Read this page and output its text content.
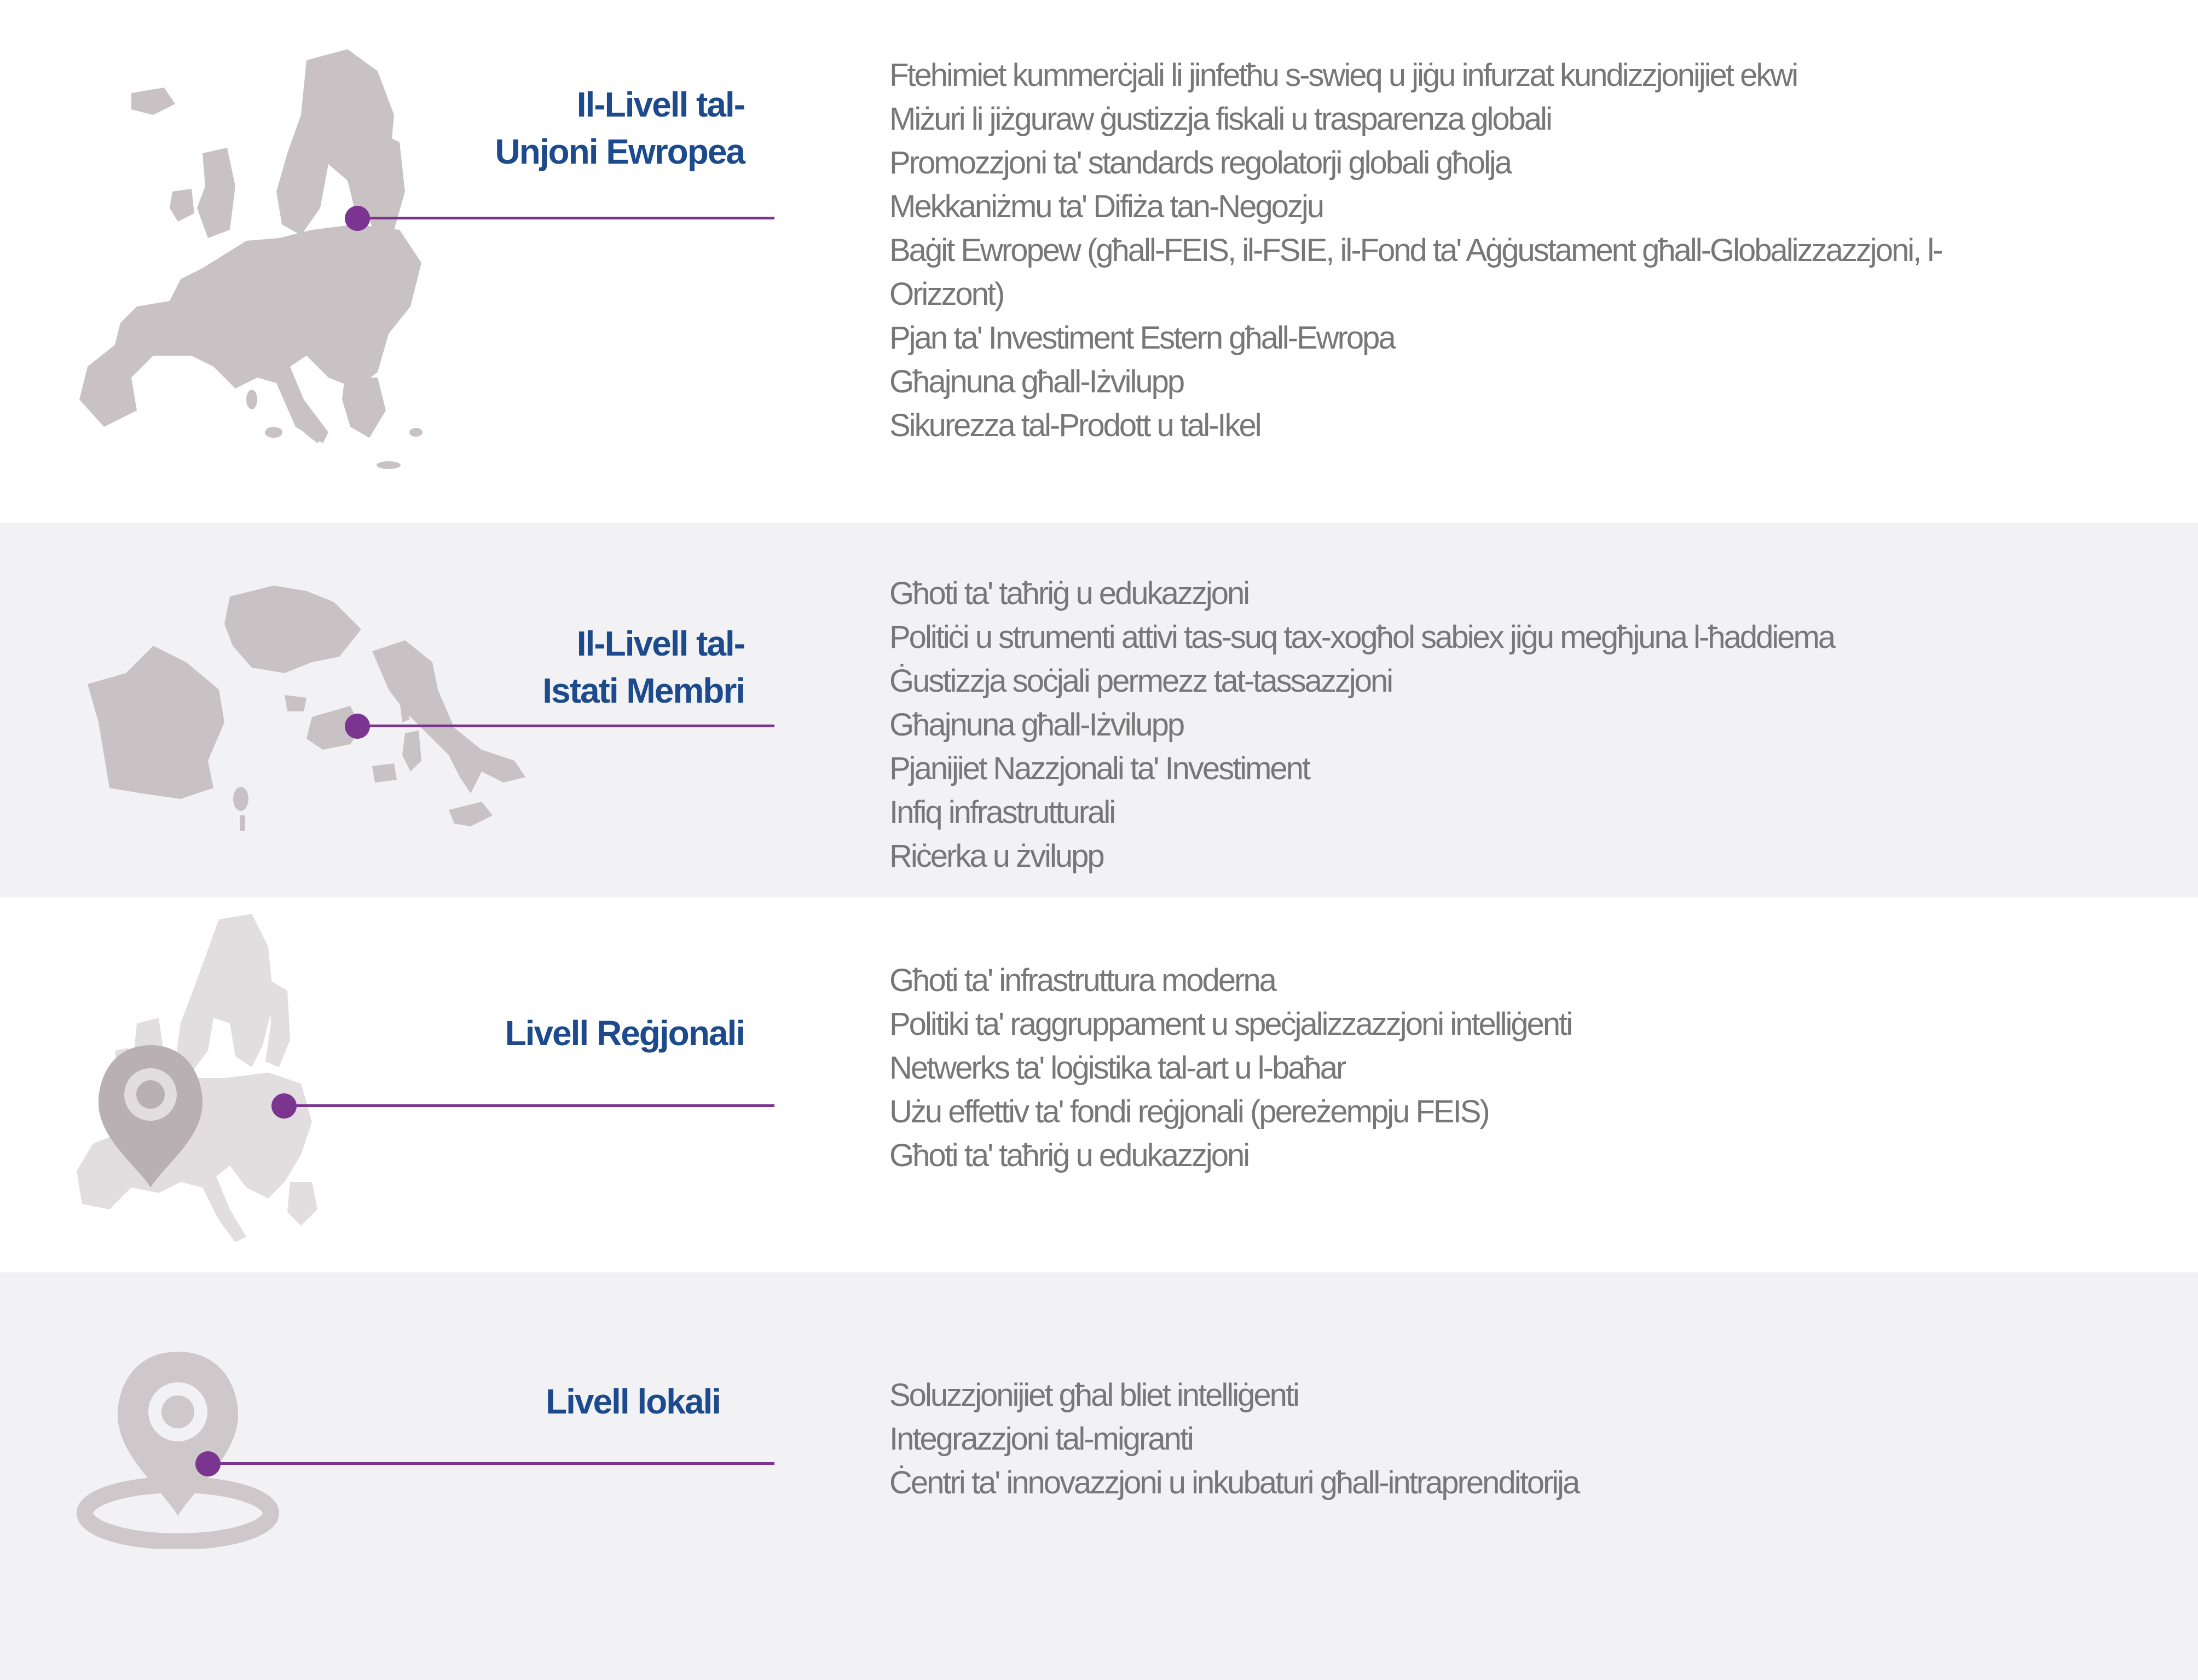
Il-Livell tal-
Unjoni Ewropea
Ftehimiet kummerċjali li jinfetħu s-swieq u jiġu infurzat kundizzjonijiet ekwi
Miżuri li jiżguraw ġustizzja fiskali u trasparenza globali
Promozzjoni ta' standards regolatorji globali għolja
Mekkaniżmu ta' Difiża tan-Negozju
Baġit Ewropew (għall-FEIS, il-FSIE, il-Fond ta' Aġġustament għall-Globalizzazzjoni, l-Orizzont)
Pjan ta' Investiment Estern għall-Ewropa
Għajnuna għall-Iżvilupp
Sikurezza tal-Prodott u tal-Ikel
Il-Livell tal-
Istati Membri
Għoti ta' taħriġ u edukazzjoni
Politiċi u strumenti attivi tas-suq tax-xogħol sabiex jiġu megħjuna l-ħaddiema
Ġustizzja soċjali permezz tat-tassazzjoni
Għajnuna għall-Iżvilupp
Pjanijiet Nazzjonali ta' Investiment
Infiq infrastrutturali
Riċerka u żvilupp
Livell Reġjonali
Għoti ta' infrastruttura moderna
Politiki ta' raggruppament u speċjalizzazzjoni intelliġenti
Netwerks ta' loġistika tal-art u l-baħar
Użu effettiv ta' fondi reġjonali (pereżempju FEIS)
Għoti ta' taħriġ u edukazzjoni
Livell lokali	Soluzzjonijiet għal bliet intelliġenti
Integrazzjoni tal-migranti
Ċentri ta' innovazzjoni u inkubaturi għall-intraprenditorija
